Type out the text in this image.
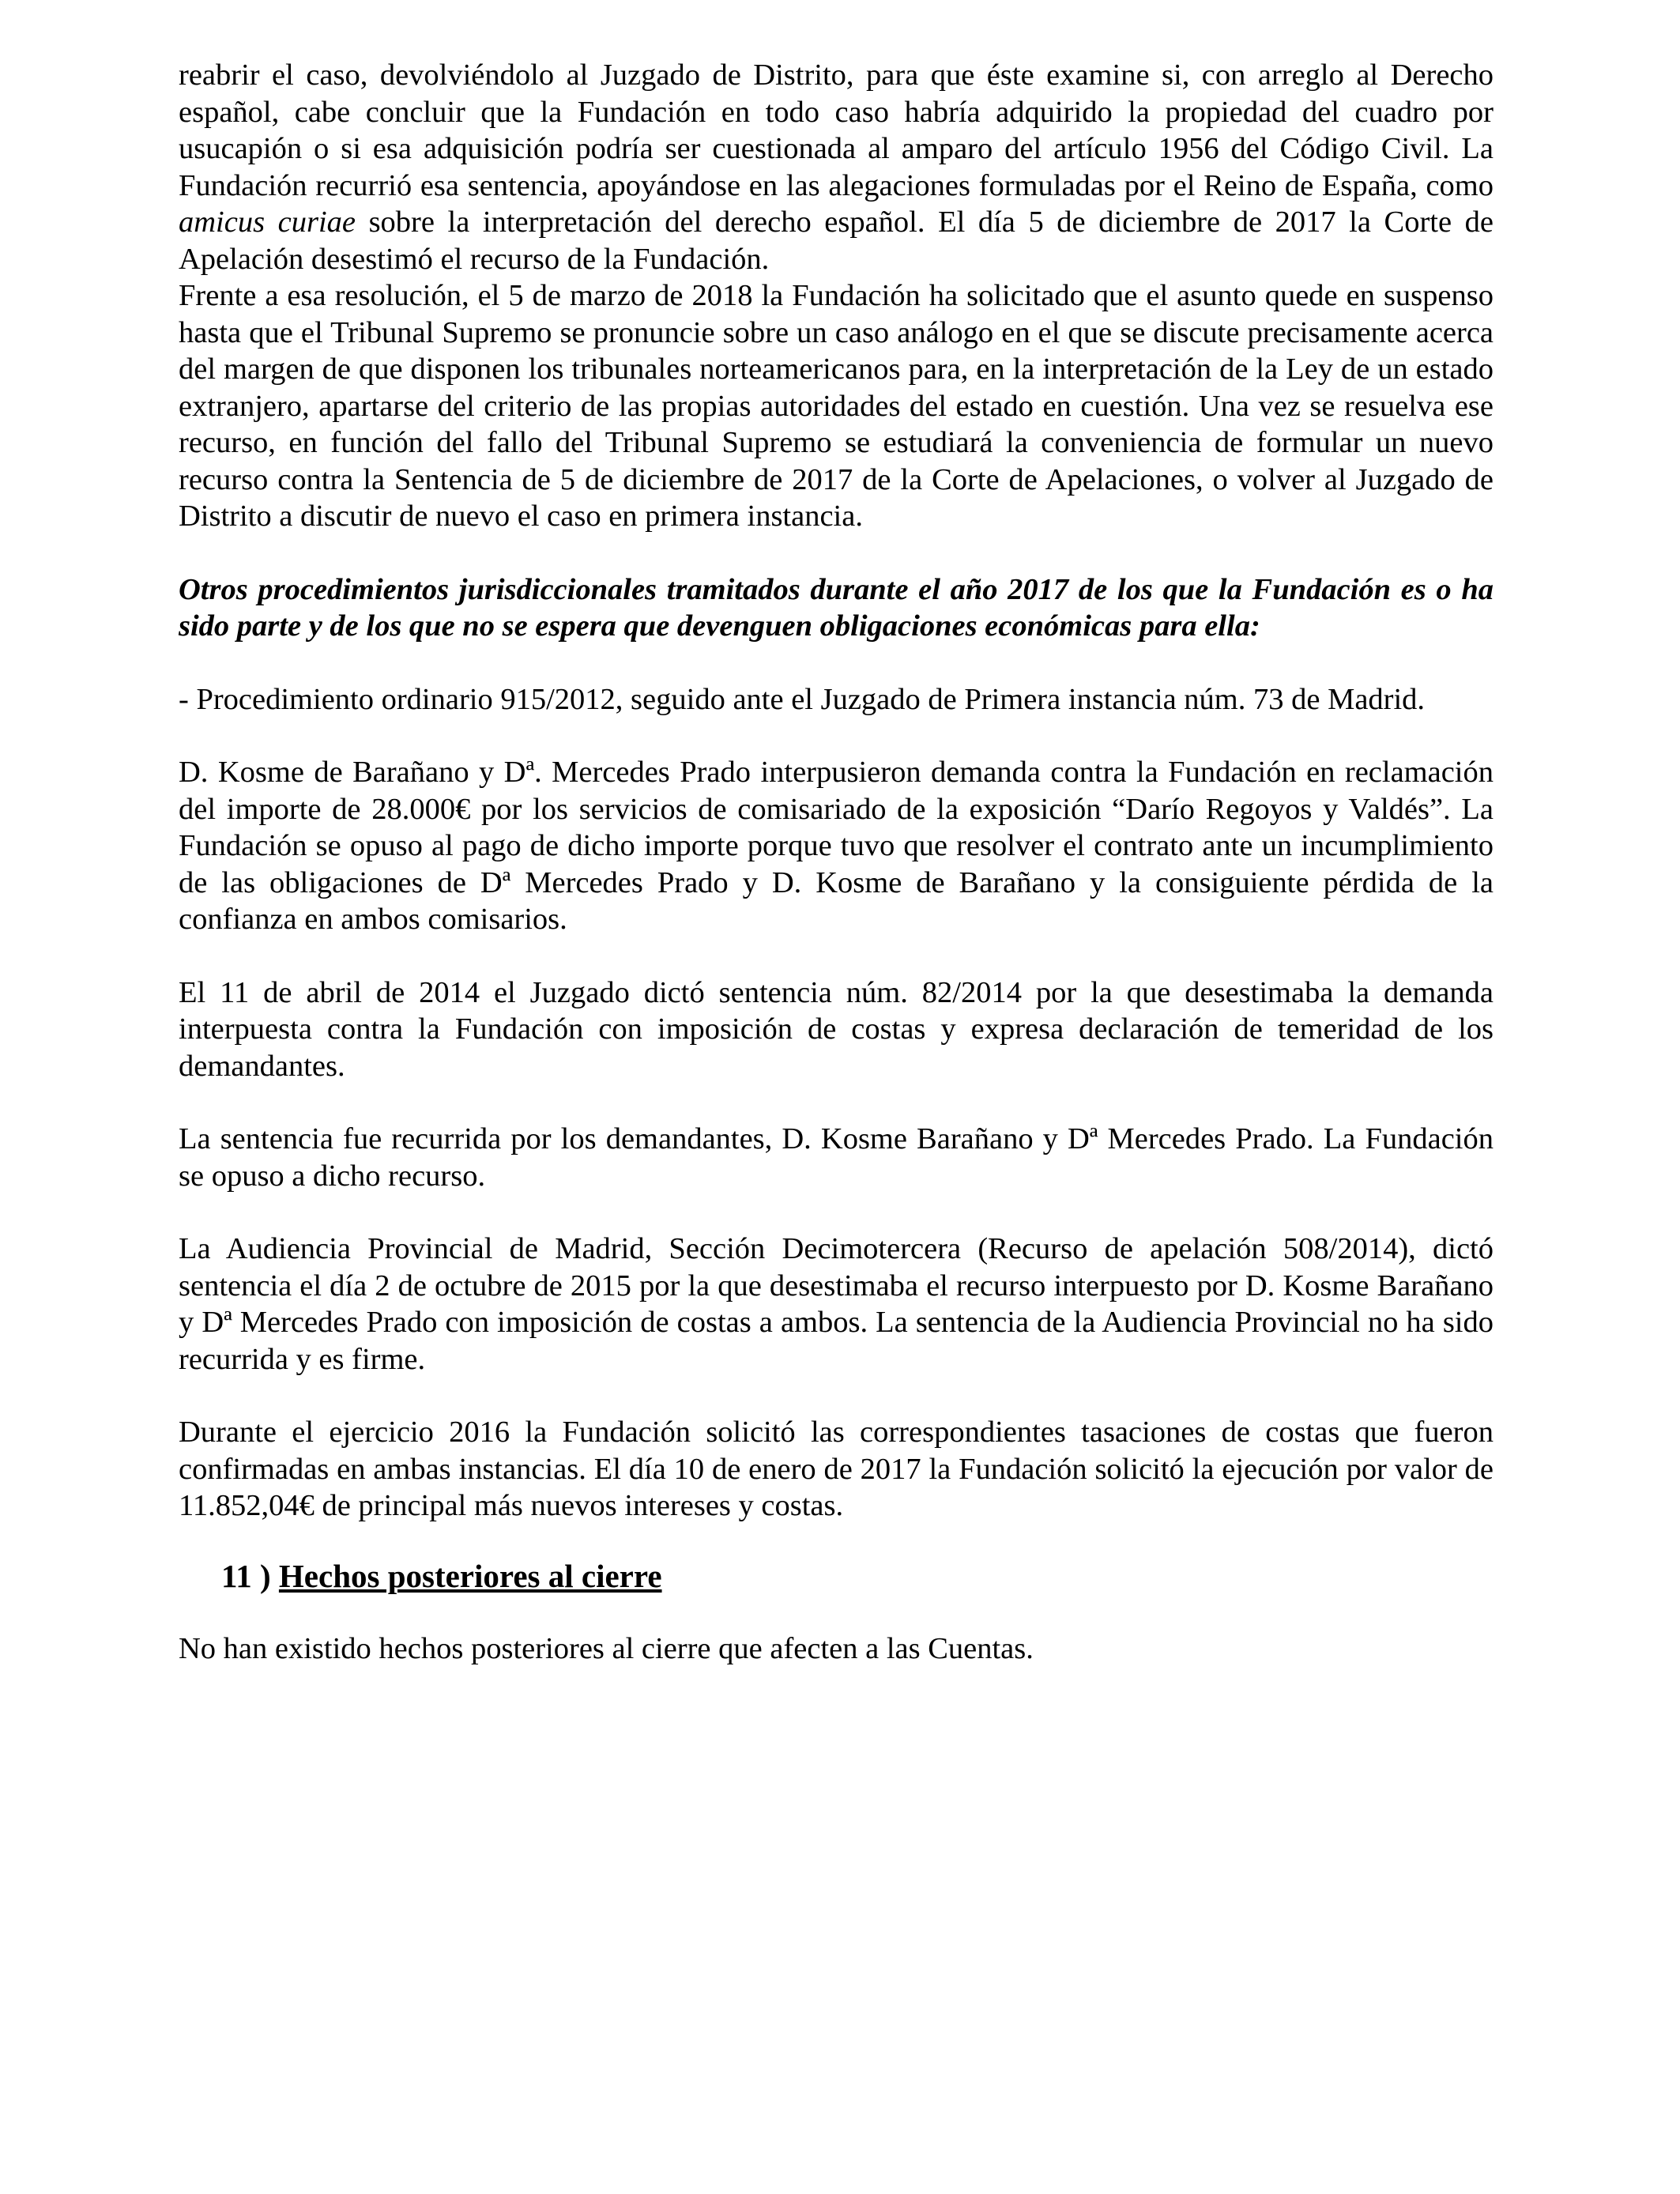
reabrir el caso, devolviéndolo al Juzgado de Distrito, para que éste examine si, con arreglo al Derecho español, cabe concluir que la Fundación en todo caso habría adquirido la propiedad del cuadro por usucapión o si esa adquisición podría ser cuestionada al amparo del artículo 1956 del Código Civil. La Fundación recurrió esa sentencia, apoyándose en las alegaciones formuladas por el Reino de España, como amicus curiae sobre la interpretación del derecho español. El día 5 de diciembre de 2017 la Corte de Apelación desestimó el recurso de la Fundación.

Frente a esa resolución, el 5 de marzo de 2018 la Fundación ha solicitado que el asunto quede en suspenso hasta que el Tribunal Supremo se pronuncie sobre un caso análogo en el que se discute precisamente acerca del margen de que disponen los tribunales norteamericanos para, en la interpretación de la Ley de un estado extranjero, apartarse del criterio de las propias autoridades del estado en cuestión. Una vez se resuelva ese recurso, en función del fallo del Tribunal Supremo se estudiará la conveniencia de formular un nuevo recurso contra la Sentencia de 5 de diciembre de 2017 de la Corte de Apelaciones, o volver al Juzgado de Distrito a discutir de nuevo el caso en primera instancia.

Otros procedimientos jurisdiccionales tramitados durante el año 2017 de los que la Fundación es o ha sido parte y de los que no se espera que devenguen obligaciones económicas para ella:

- Procedimiento ordinario 915/2012, seguido ante el Juzgado de Primera instancia núm. 73 de Madrid.

D. Kosme de Barañano y Dª. Mercedes Prado interpusieron demanda contra la Fundación en reclamación del importe de 28.000€ por los servicios de comisariado de la exposición “Darío Regoyos y Valdés”. La Fundación se opuso al pago de dicho importe porque tuvo que resolver el contrato ante un incumplimiento de las obligaciones de Dª Mercedes Prado y D. Kosme de Barañano y la consiguiente pérdida de la confianza en ambos comisarios.

El 11 de abril de 2014 el Juzgado dictó sentencia núm. 82/2014 por la que desestimaba la demanda interpuesta contra la Fundación con imposición de costas y expresa declaración de temeridad de los demandantes.

La sentencia fue recurrida por los demandantes, D. Kosme Barañano y Dª Mercedes Prado. La Fundación se opuso a dicho recurso.

La Audiencia Provincial de Madrid, Sección Decimotercera (Recurso de apelación 508/2014), dictó sentencia el día 2 de octubre de 2015 por la que desestimaba el recurso interpuesto por D. Kosme Barañano y Dª Mercedes Prado con imposición de costas a ambos. La sentencia de la Audiencia Provincial no ha sido recurrida y es firme.

Durante el ejercicio 2016 la Fundación solicitó las correspondientes tasaciones de costas que fueron confirmadas en ambas instancias. El día 10 de enero de 2017 la Fundación solicitó la ejecución por valor de 11.852,04€ de principal más nuevos intereses y costas.

11 ) Hechos posteriores al cierre

No han existido hechos posteriores al cierre que afecten a las Cuentas.
